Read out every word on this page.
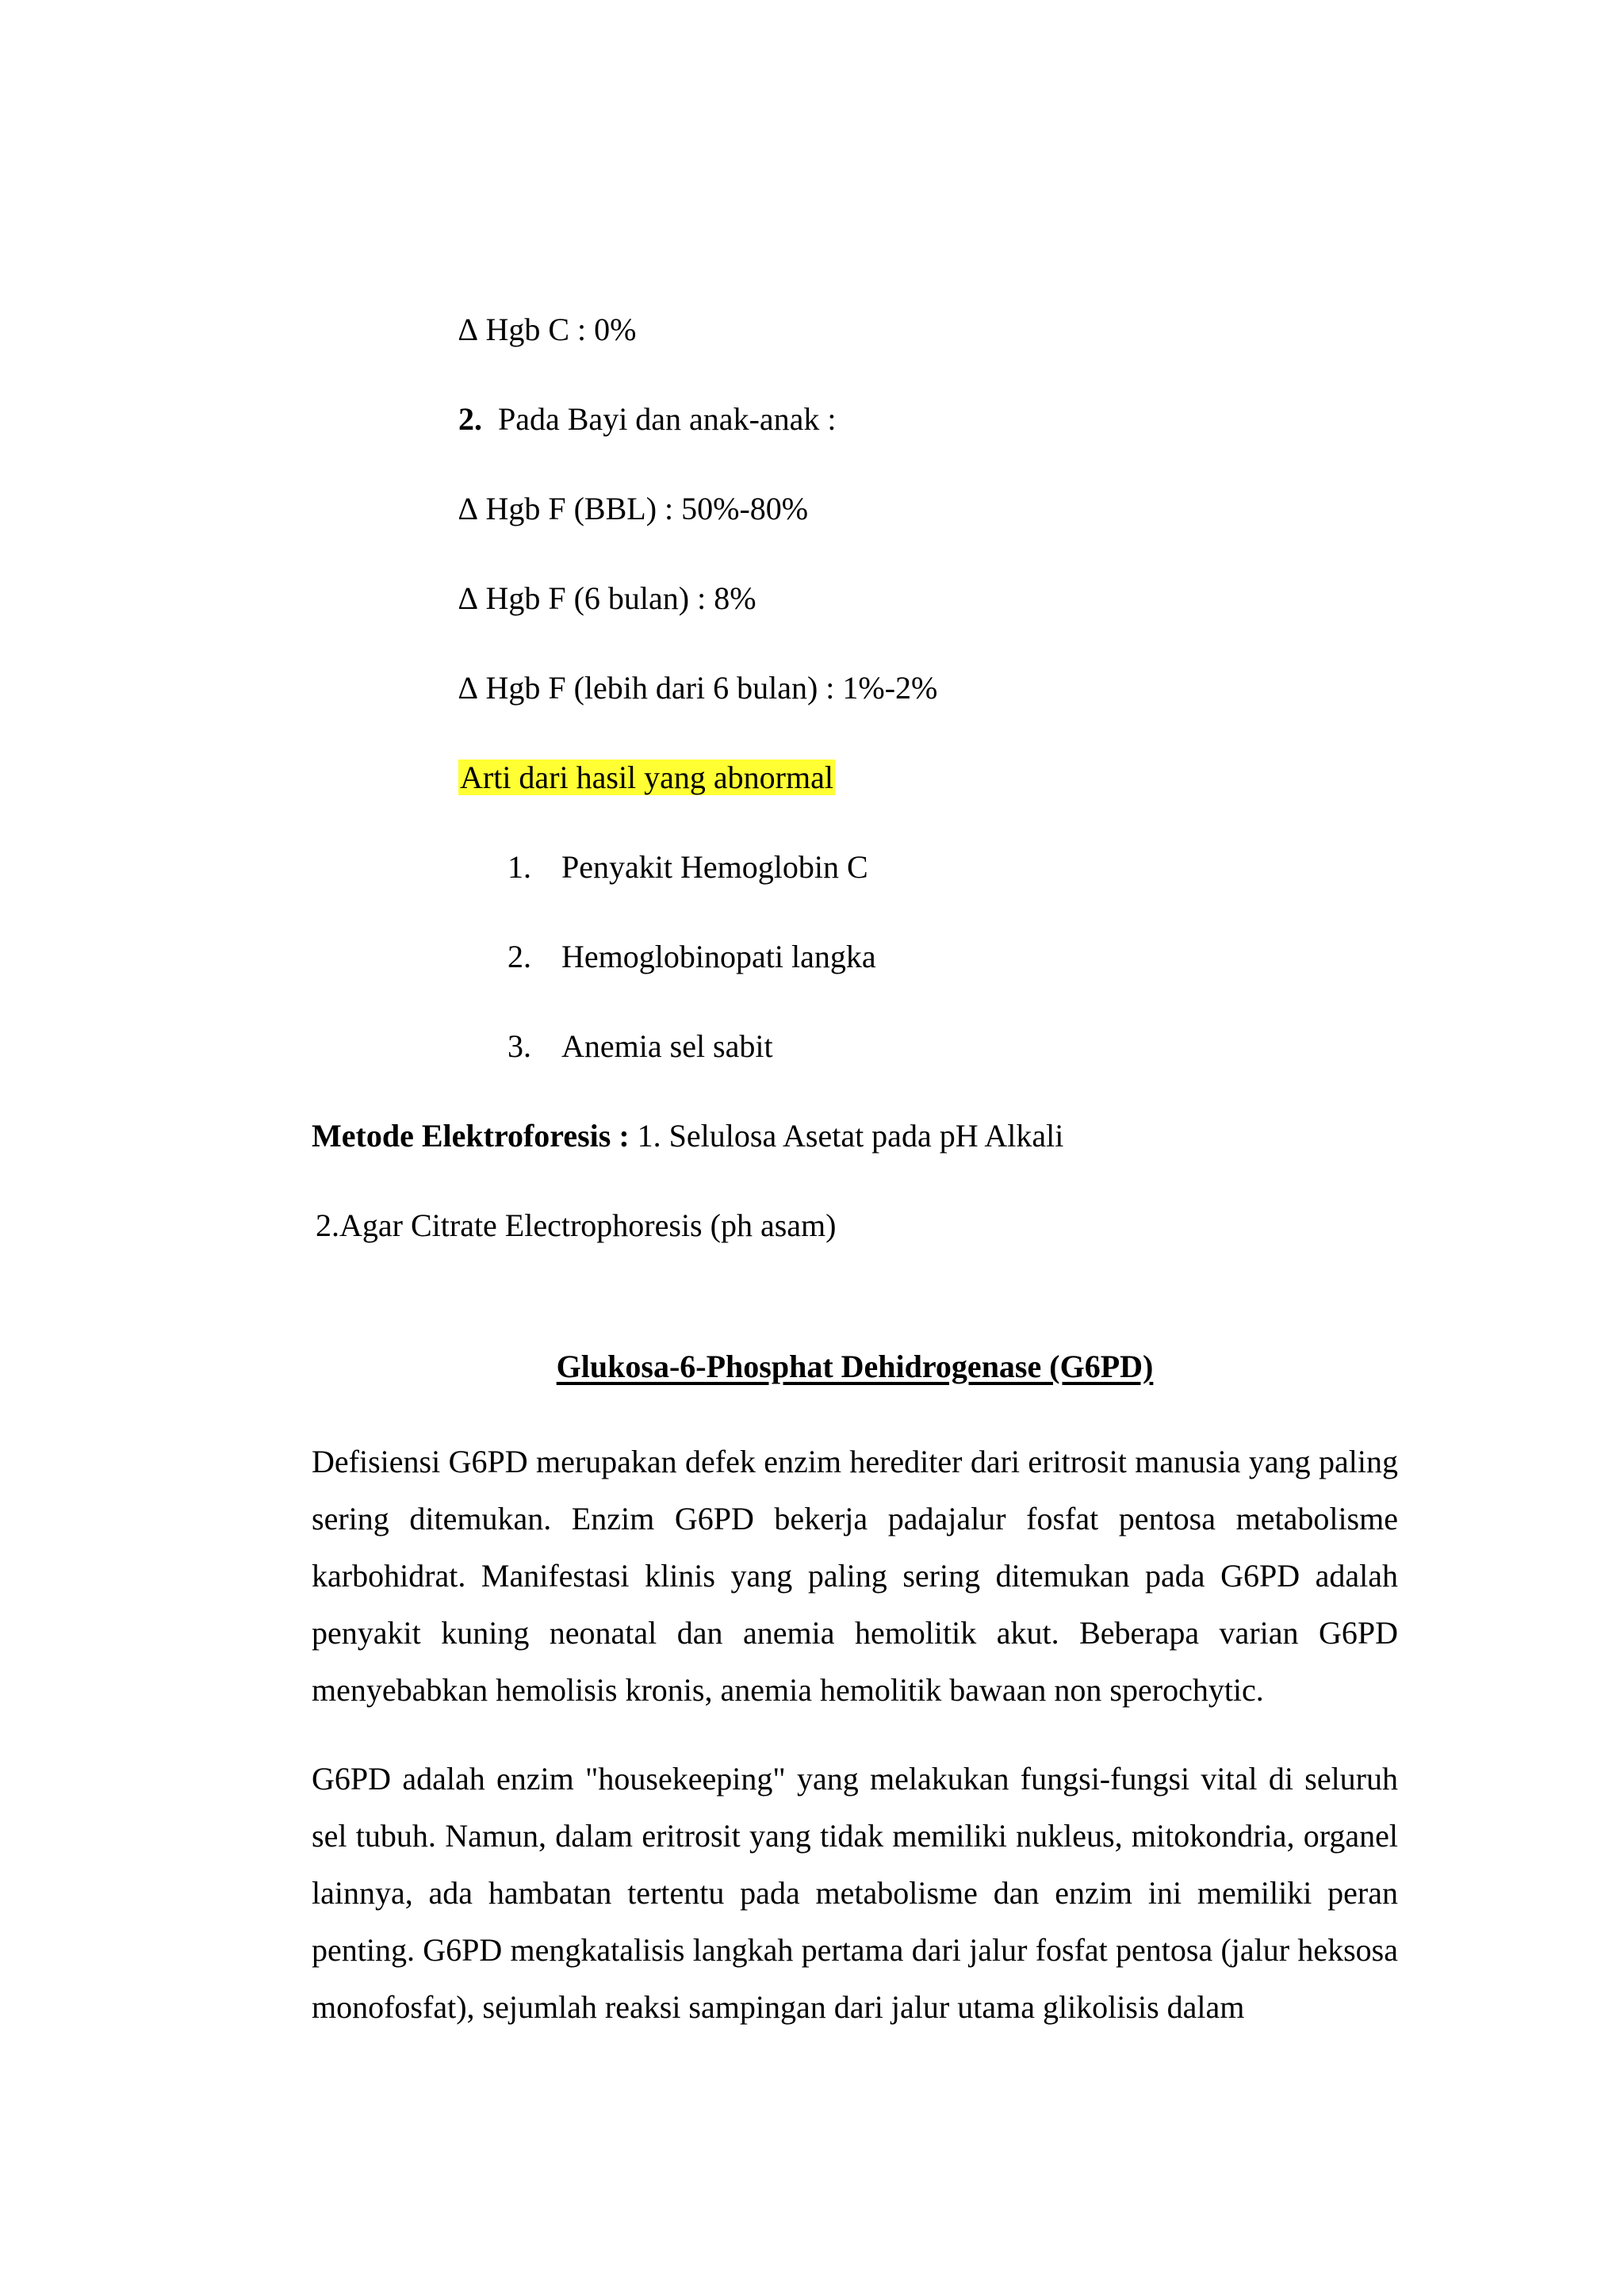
∆ Hgb C : 0%
2. Pada Bayi dan anak-anak :
∆ Hgb F (BBL) : 50%-80%
∆ Hgb F (6 bulan) : 8%
∆ Hgb F (lebih dari 6 bulan) : 1%-2%
Arti dari hasil yang abnormal
1. Penyakit Hemoglobin C
2. Hemoglobinopati langka
3. Anemia sel sabit
Metode Elektroforesis : 1. Selulosa Asetat pada pH Alkali
2.Agar Citrate Electrophoresis (ph asam)
Glukosa-6-Phosphat Dehidrogenase (G6PD)

Defisiensi G6PD merupakan defek enzim herediter dari eritrosit manusia yang paling sering ditemukan. Enzim G6PD bekerja padajalur fosfat pentosa metabolisme karbohidrat. Manifestasi klinis yang paling sering ditemukan pada G6PD adalah penyakit kuning neonatal dan anemia hemolitik akut. Beberapa varian G6PD menyebabkan hemolisis kronis, anemia hemolitik bawaan non sperochytic.

G6PD adalah enzim "housekeeping" yang melakukan fungsi-fungsi vital di seluruh sel tubuh. Namun, dalam eritrosit yang tidak memiliki nukleus, mitokondria, organel lainnya, ada hambatan tertentu pada metabolisme dan enzim ini memiliki peran penting. G6PD mengkatalisis langkah pertama dari jalur fosfat pentosa (jalur heksosa monofosfat), sejumlah reaksi sampingan dari jalur utama glikolisis dalam
